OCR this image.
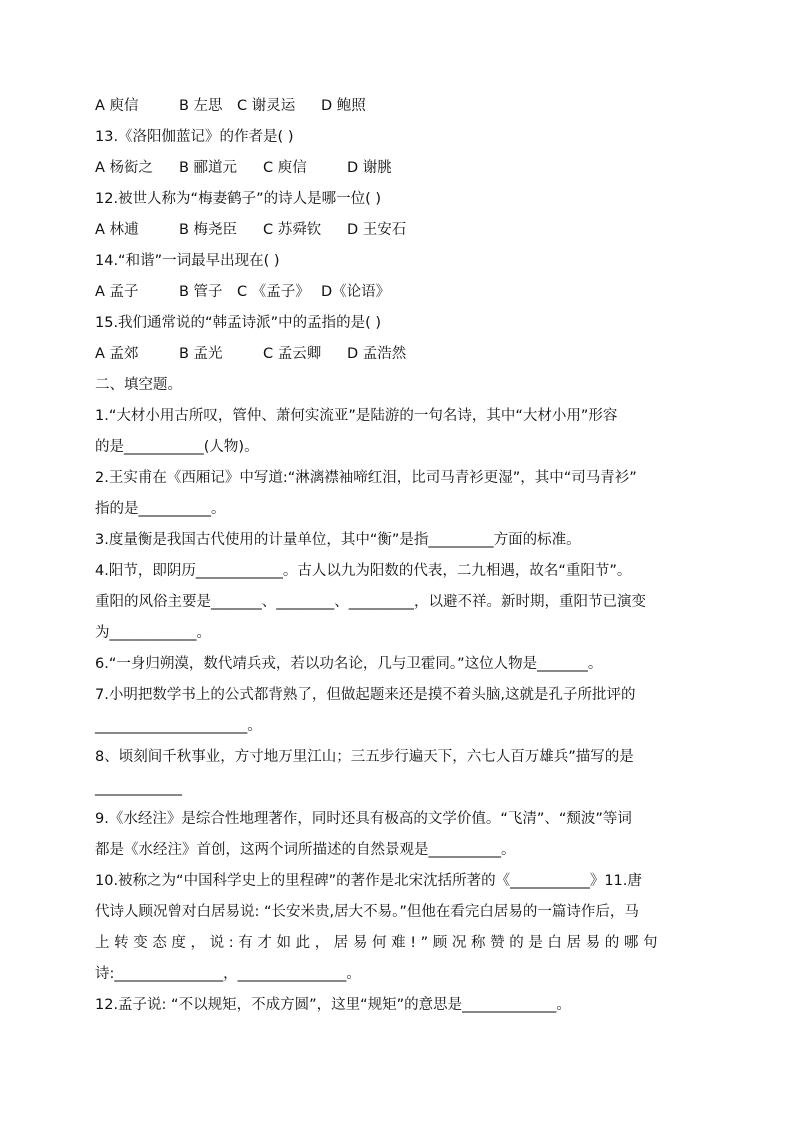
A 庾信	B 左思 C 谢灵运 D 鲍照
13.《洛阳伽蓝记》的作者是( )
A 杨衒之 B 郦道元 C 庾信	D 谢朓
12.被世人称为“梅妻鹤子”的诗人是哪一位( )
A 林逋	B 梅尧臣 C 苏舜钦 D 王安石
14.“和谐”一词最早出现在( )
A 孟子	B 管子 C 《孟子》 D《论语》
15.我们通常说的“韩孟诗派”中的孟指的是( )
A 孟郊	B 孟光	C 孟云卿 D 孟浩然
二、填空题。
1.“大材小用古所叹，管仲、萧何实流亚”是陆游的一句名诗，其中“大材小用”形容
的是___________(人物)。
2.王实甫在《西厢记》中写道:“淋漓襟袖啼红泪，比司马青衫更湿”，其中“司马青衫”
指的是__________。
3.度量衡是我国古代使用的计量单位，其中“衡”是指_________方面的标准。
4.阳节，即阴历____________。古人以九为阳数的代表，二九相遇，故名“重阳节”。
重阳的风俗主要是_______、________、_________，以避不祥。新时期，重阳节已演变
为____________。
6.“一身归朔漠，数代靖兵戎，若以功名论，几与卫霍同。”这位人物是_______。
7.小明把数学书上的公式都背熟了，但做起题来还是摸不着头脑,这就是孔子所批评的
_____________________。
8、顷刻间千秋事业，方寸地万里江山；三五步行遍天下，六七人百万雄兵”描写的是
____________
9.《水经注》是综合性地理著作，同时还具有极高的文学价值。“飞清”、“颓波”等词
都是《水经注》首创，这两个词所描述的自然景观是__________。
10.被称之为“中国科学史上的里程碑”的著作是北宋沈括所著的《___________》11.唐
代诗人顾况曾对白居易说: “长安米贵,居大不易。”但他在看完白居易的一篇诗作后，马
上 转 变 态 度 ， 说 : 有 才 如 此 ， 居 易 何 难 ! ” 顾 况 称 赞 的 是 白 居 易 的 哪 句
诗:_______________，_______________。
12.孟子说: “不以规矩，不成方圆”，这里“规矩”的意思是_____________。
